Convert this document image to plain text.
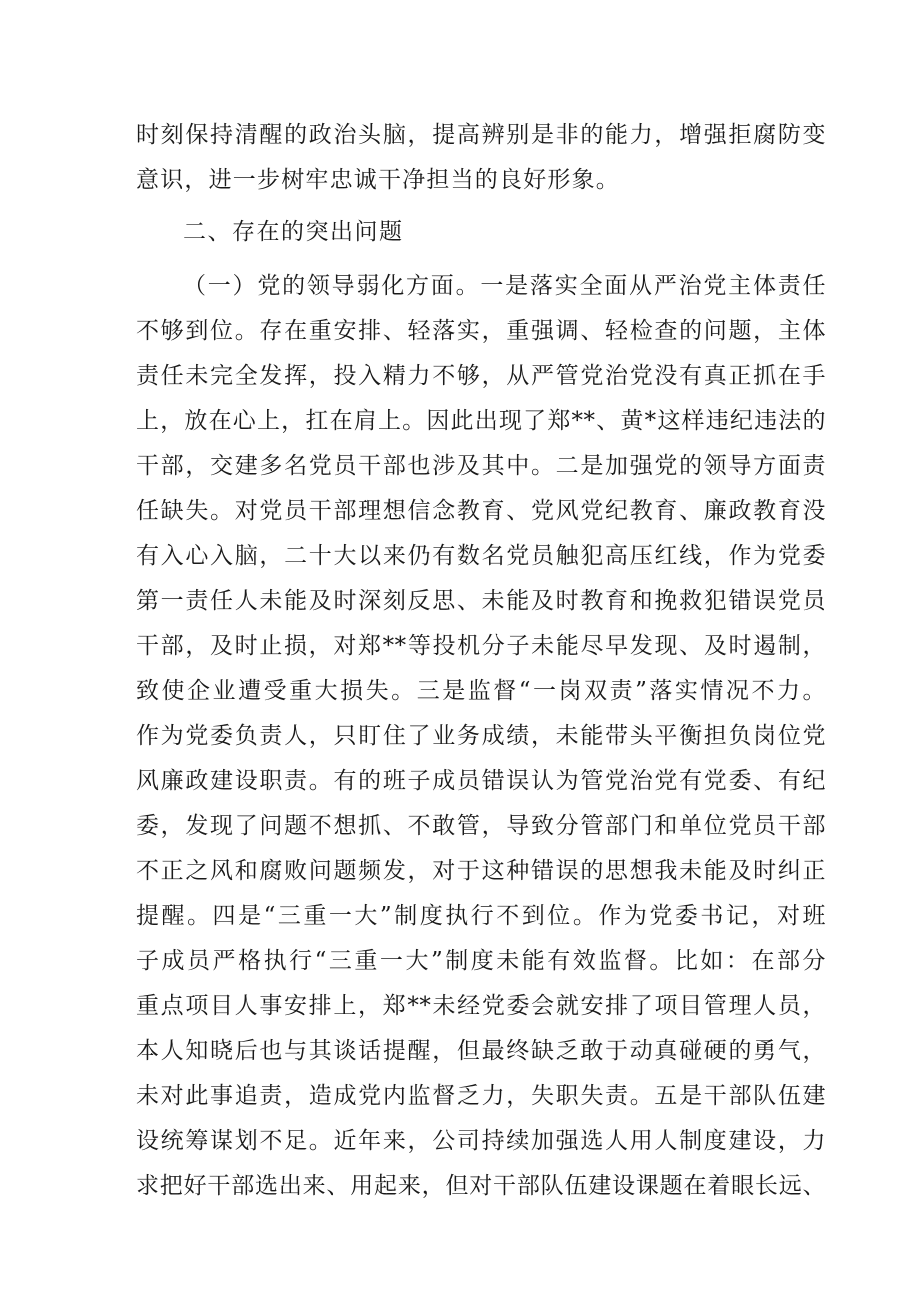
时刻保持清醒的政治头脑，提高辨别是非的能力，增强拒腐防变
意识，进一步树牢忠诚干净担当的良好形象。
二、存在的突出问题
（一）党的领导弱化方面。一是落实全面从严治党主体责任
不够到位。存在重安排、轻落实，重强调、轻检查的问题，主体
责任未完全发挥，投入精力不够，从严管党治党没有真正抓在手
上，放在心上，扛在肩上。因此出现了郑**、黄*这样违纪违法的
干部，交建多名党员干部也涉及其中。二是加强党的领导方面责
任缺失。对党员干部理想信念教育、党风党纪教育、廉政教育没
有入心入脑，二十大以来仍有数名党员触犯高压红线，作为党委
第一责任人未能及时深刻反思、未能及时教育和挽救犯错误党员
干部，及时止损，对郑**等投机分子未能尽早发现、及时遏制，
致使企业遭受重大损失。三是监督“一岗双责”落实情况不力。
作为党委负责人，只盯住了业务成绩，未能带头平衡担负岗位党
风廉政建设职责。有的班子成员错误认为管党治党有党委、有纪
委，发现了问题不想抓、不敢管，导致分管部门和单位党员干部
不正之风和腐败问题频发，对于这种错误的思想我未能及时纠正
提醒。四是“三重一大”制度执行不到位。作为党委书记，对班
子成员严格执行“三重一大”制度未能有效监督。比如：在部分
重点项目人事安排上，郑**未经党委会就安排了项目管理人员，
本人知晓后也与其谈话提醒，但最终缺乏敢于动真碰硬的勇气，
未对此事追责，造成党内监督乏力，失职失责。五是干部队伍建
设统筹谋划不足。近年来，公司持续加强选人用人制度建设，力
求把好干部选出来、用起来，但对干部队伍建设课题在着眼长远、
